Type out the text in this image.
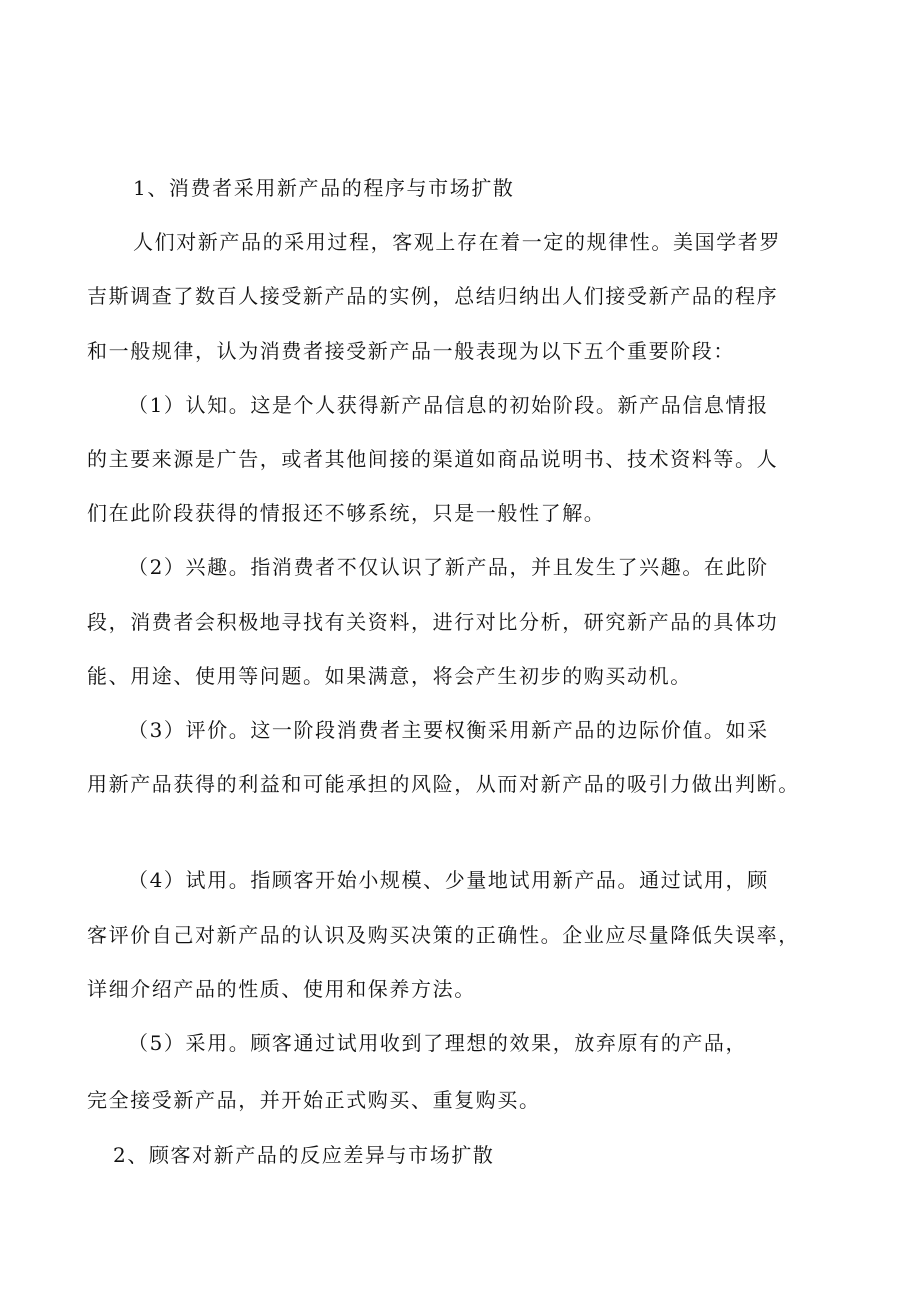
1、消费者采用新产品的程序与市场扩散
人们对新产品的采用过程，客观上存在着一定的规律性。美国学者罗
吉斯调查了数百人接受新产品的实例，总结归纳出人们接受新产品的程序
和一般规律，认为消费者接受新产品一般表现为以下五个重要阶段：
（1）认知。这是个人获得新产品信息的初始阶段。新产品信息情报
的主要来源是广告，或者其他间接的渠道如商品说明书、技术资料等。人
们在此阶段获得的情报还不够系统，只是一般性了解。
（2）兴趣。指消费者不仅认识了新产品，并且发生了兴趣。在此阶
段，消费者会积极地寻找有关资料，进行对比分析，研究新产品的具体功
能、用途、使用等问题。如果满意，将会产生初步的购买动机。
（3）评价。这一阶段消费者主要权衡采用新产品的边际价值。如采
用新产品获得的利益和可能承担的风险，从而对新产品的吸引力做出判断。
（4）试用。指顾客开始小规模、少量地试用新产品。通过试用，顾
客评价自己对新产品的认识及购买决策的正确性。企业应尽量降低失误率，
详细介绍产品的性质、使用和保养方法。
（5）采用。顾客通过试用收到了理想的效果，放弃原有的产品，
完全接受新产品，并开始正式购买、重复购买。
2、顾客对新产品的反应差异与市场扩散
